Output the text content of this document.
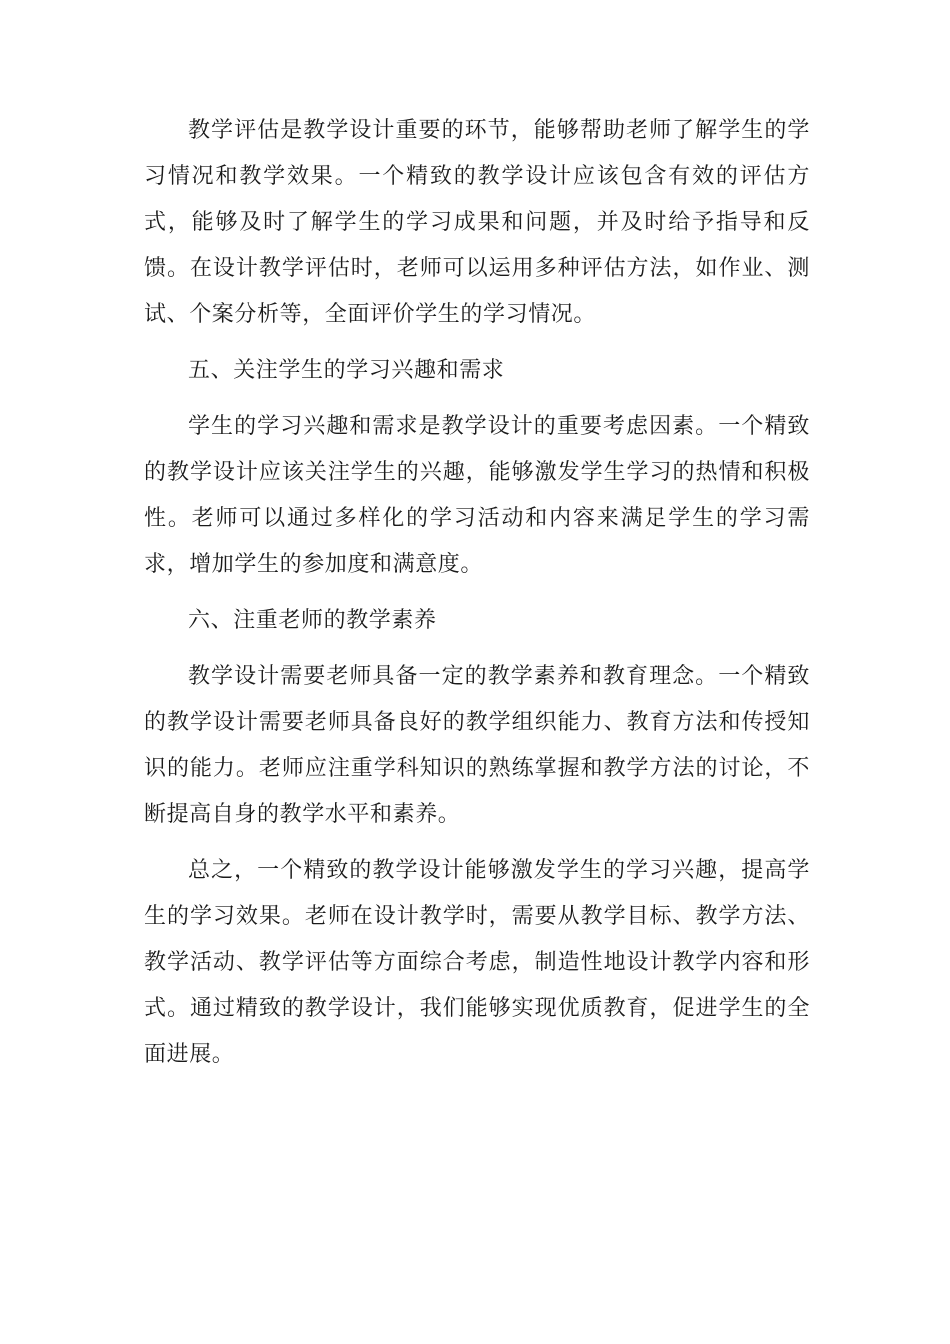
教学评估是教学设计重要的环节，能够帮助老师了解学生的学习情况和教学效果。一个精致的教学设计应该包含有效的评估方式，能够及时了解学生的学习成果和问题，并及时给予指导和反馈。在设计教学评估时，老师可以运用多种评估方法，如作业、测试、个案分析等，全面评价学生的学习情况。

五、关注学生的学习兴趣和需求

学生的学习兴趣和需求是教学设计的重要考虑因素。一个精致的教学设计应该关注学生的兴趣，能够激发学生学习的热情和积极性。老师可以通过多样化的学习活动和内容来满足学生的学习需求，增加学生的参加度和满意度。

六、注重老师的教学素养

教学设计需要老师具备一定的教学素养和教育理念。一个精致的教学设计需要老师具备良好的教学组织能力、教育方法和传授知识的能力。老师应注重学科知识的熟练掌握和教学方法的讨论，不断提高自身的教学水平和素养。

总之，一个精致的教学设计能够激发学生的学习兴趣，提高学生的学习效果。老师在设计教学时，需要从教学目标、教学方法、教学活动、教学评估等方面综合考虑，制造性地设计教学内容和形式。通过精致的教学设计，我们能够实现优质教育，促进学生的全面进展。
